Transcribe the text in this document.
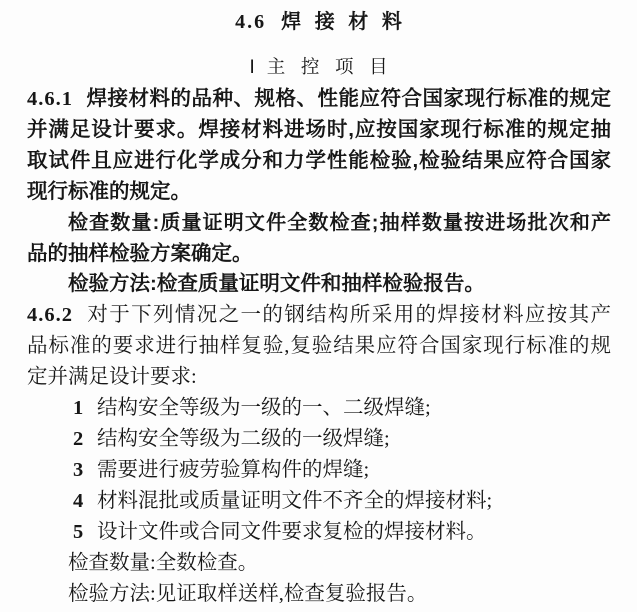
4.6 焊 接 材 料
Ⅰ 主 控 项 目
4.6.1 焊接材料的品种、规格、性能应符合国家现行标准的规定
并满足设计要求。焊接材料进场时,应按国家现行标准的规定抽
取试件且应进行化学成分和力学性能检验,检验结果应符合国家
现行标准的规定。
检查数量:质量证明文件全数检查;抽样数量按进场批次和产
品的抽样检验方案确定。
检验方法:检查质量证明文件和抽样检验报告。
4.6.2 对于下列情况之一的钢结构所采用的焊接材料应按其产
品标准的要求进行抽样复验,复验结果应符合国家现行标准的规
定并满足设计要求:
1 结构安全等级为一级的一、二级焊缝;
2 结构安全等级为二级的一级焊缝;
3 需要进行疲劳验算构件的焊缝;
4 材料混批或质量证明文件不齐全的焊接材料;
5 设计文件或合同文件要求复检的焊接材料。
检查数量:全数检查。
检验方法:见证取样送样,检查复验报告。
